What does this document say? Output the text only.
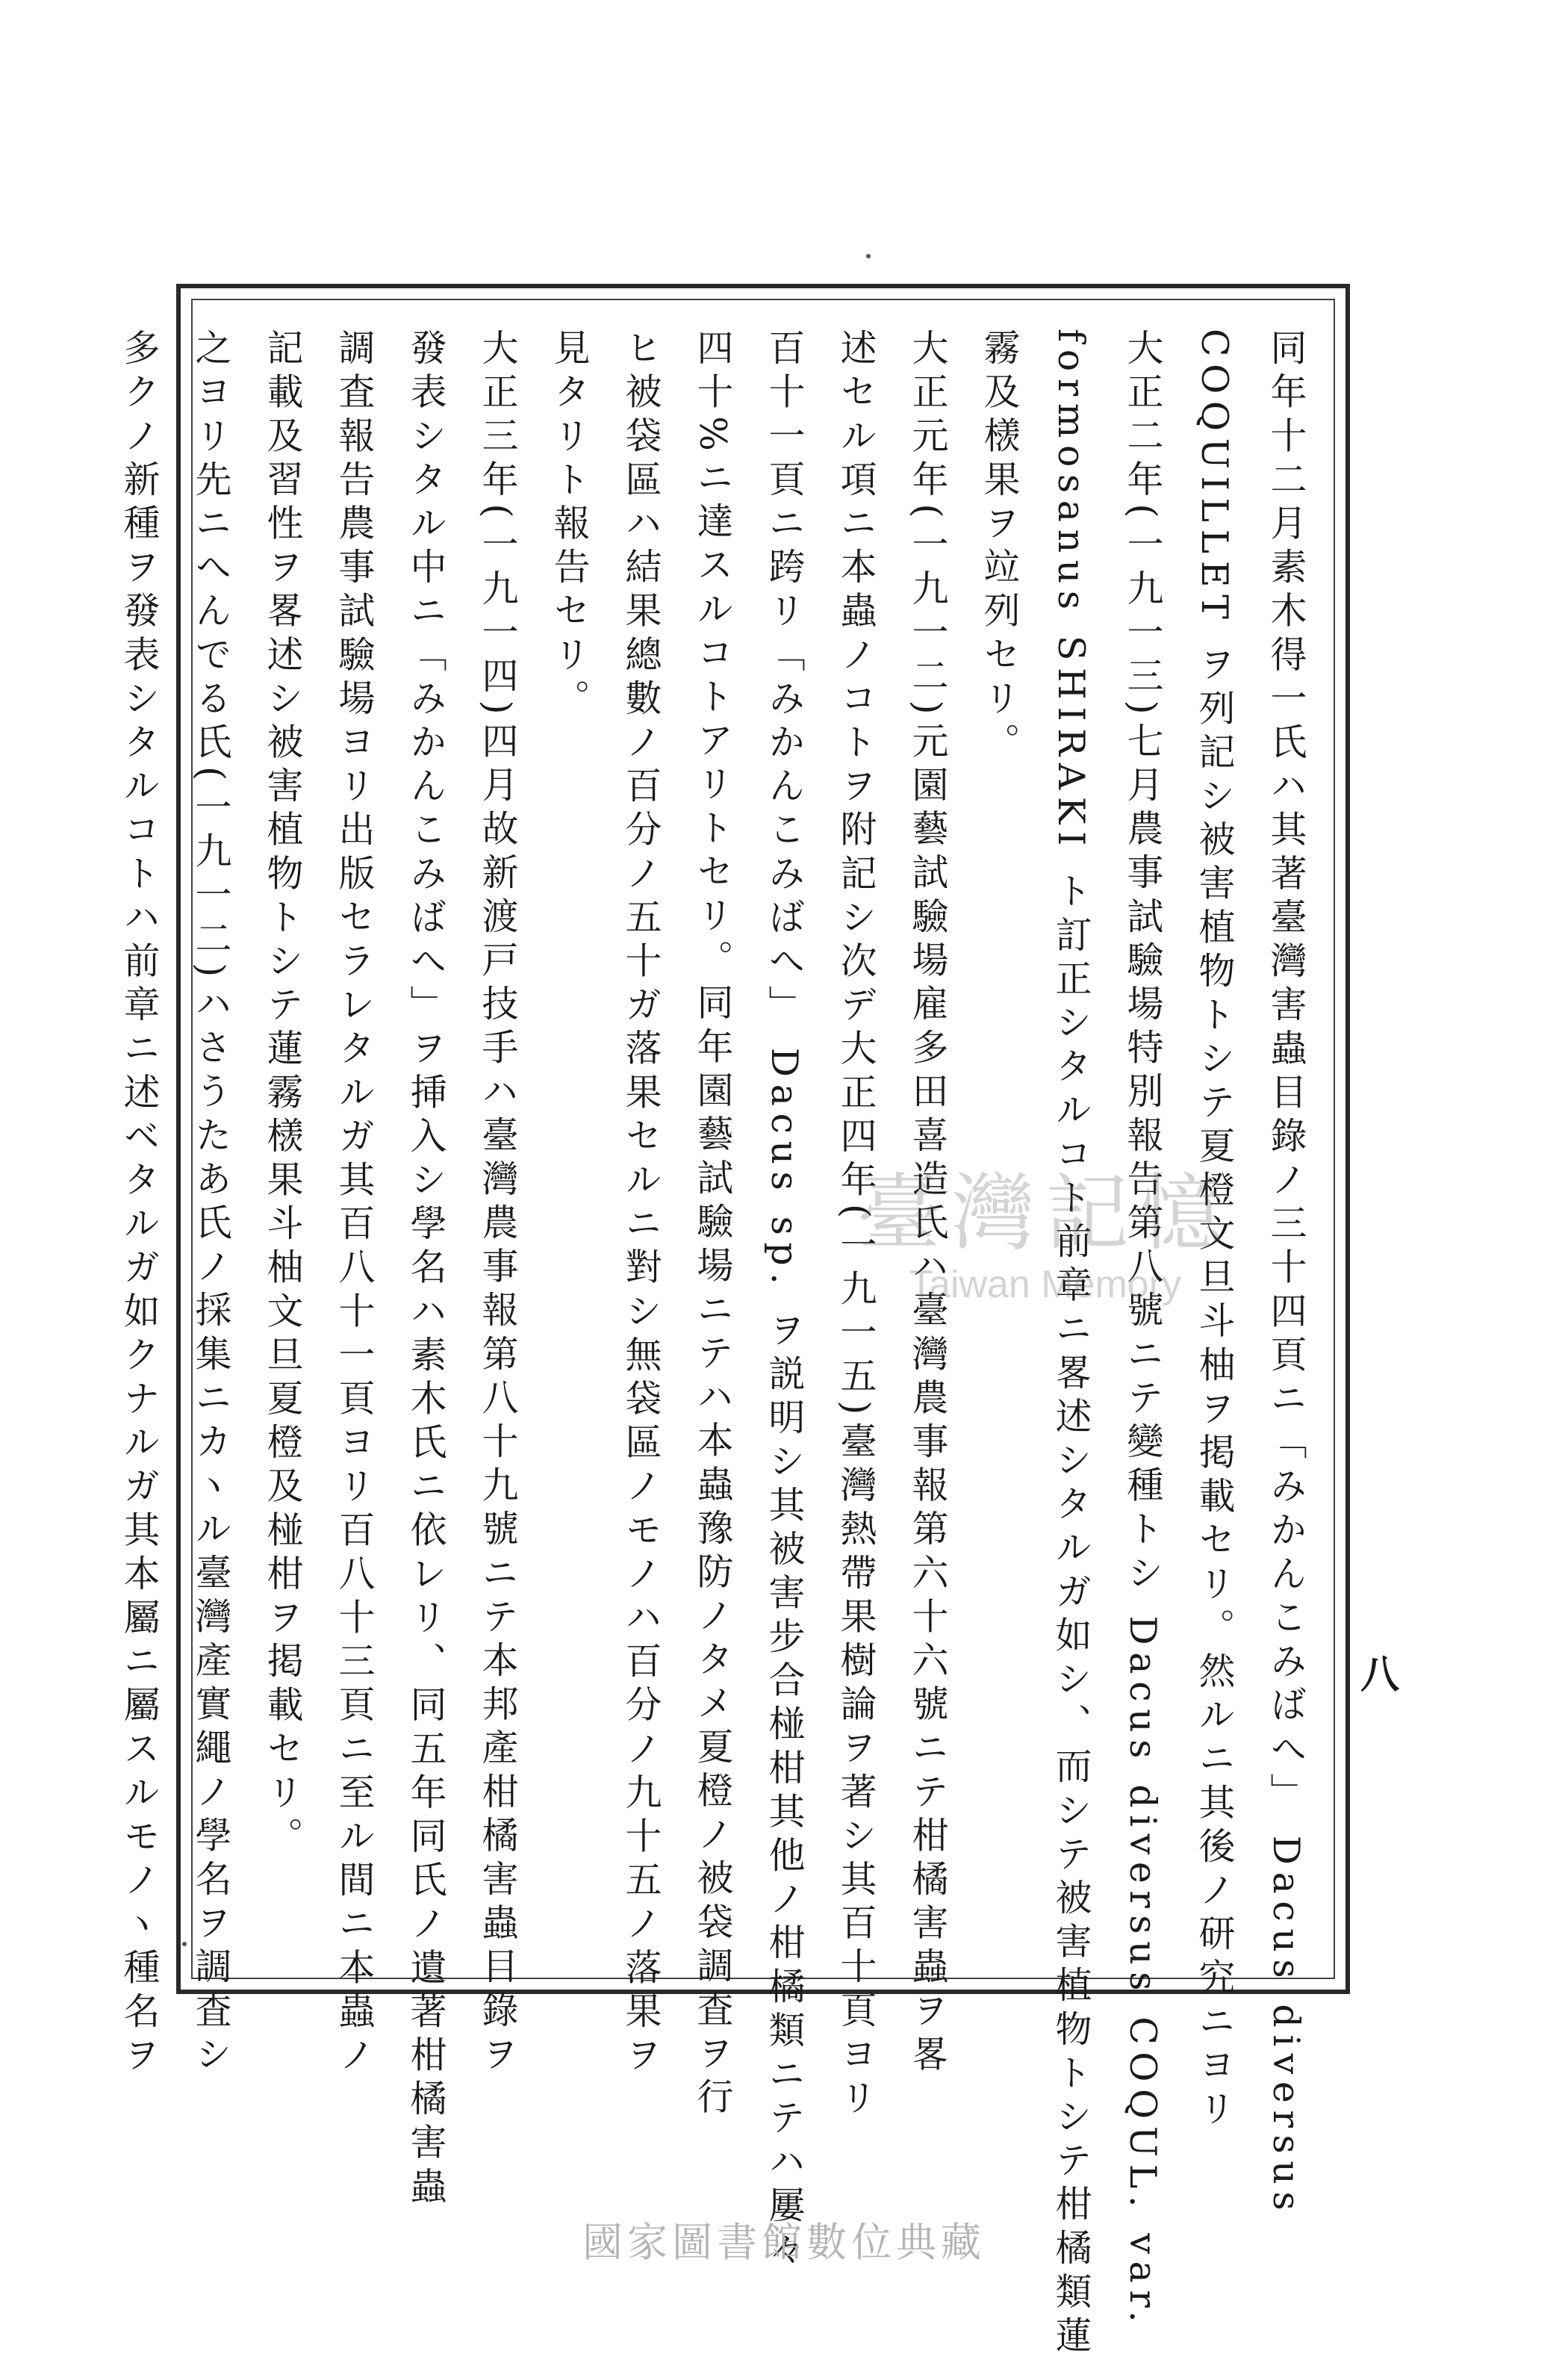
同年十二月素木得一氏ハ其著臺灣害蟲目錄ノ三十四頁ニ「みかんこみばへ」 Dacus diversus

COQUILLET ヲ列記シ被害植物トシテ夏橙文旦斗柚ヲ掲載セリ。然ルニ其後ノ研究ニヨリ

大正二年(一九一三)七月農事試驗場特別報告第八號ニテ變種トシ Dacus diversus COQUL. var.

formosanus SHIRAKI ト訂正シタルコト前章ニ畧述シタルガ如シ、而シテ被害植物トシテ柑橘類蓮

霧及檨果ヲ竝列セリ。

大正元年(一九一二)元園藝試驗場雇多田喜造氏ハ臺灣農事報第六十六號ニテ柑橘害蟲ヲ畧

述セル項ニ本蟲ノコトヲ附記シ次デ大正四年(一九一五)臺灣熱帶果樹論ヲ著シ其百十頁ヨリ

百十一頁ニ跨リ「みかんこみばへ」 Dacus sp. ヲ説明シ其被害步合椪柑其他ノ柑橘類ニテハ屢々

四十%ニ達スルコトアリトセリ。同年園藝試驗場ニテハ本蟲豫防ノタメ夏橙ノ被袋調査ヲ行

ヒ被袋區ハ結果總數ノ百分ノ五十ガ落果セルニ對シ無袋區ノモノハ百分ノ九十五ノ落果ヲ

見タリト報告セリ。

大正三年(一九一四)四月故新渡戸技手ハ臺灣農事報第八十九號ニテ本邦產柑橘害蟲目錄ヲ

發表シタル中ニ「みかんこみばへ」ヲ挿入シ學名ハ素木氏ニ依レリ、同五年同氏ノ遺著柑橘害蟲

調査報告農事試驗場ヨリ出版セラレタルガ其百八十一頁ヨリ百八十三頁ニ至ル間ニ本蟲ノ

記載及習性ヲ畧述シ被害植物トシテ蓮霧檨果斗柚文旦夏橙及椪柑ヲ掲載セリ。

之ヨリ先ニへんでる氏(一九一二)ハさうたあ氏ノ採集ニカヽル臺灣產實繩ノ學名ヲ調査シ

多クノ新種ヲ發表シタルコトハ前章ニ述ベタルガ如クナルガ其本屬ニ屬スルモノヽ種名ヲ	八
臺灣記憶
Taiwan Memory
國家圖書館數位典藏
